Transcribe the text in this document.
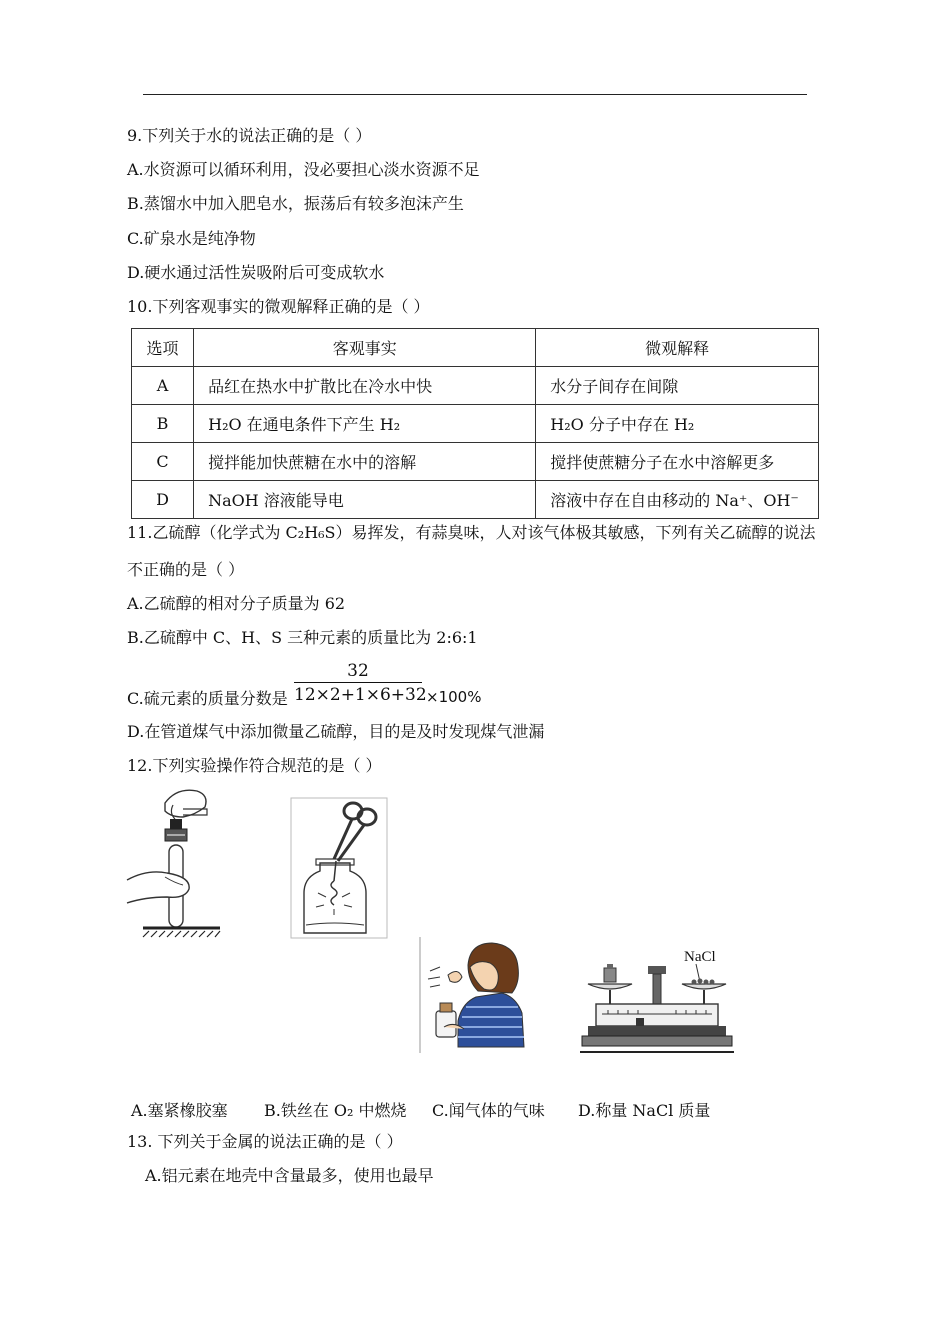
9.下列关于水的说法正确的是（ ）
A.水资源可以循环利用，没必要担心淡水资源不足
B.蒸馏水中加入肥皂水，振荡后有较多泡沫产生
C.矿泉水是纯净物
D.硬水通过活性炭吸附后可变成软水
10.下列客观事实的微观解释正确的是（ ）
选项	客观事实	微观解释
A	品红在热水中扩散比在冷水中快	水分子间存在间隙
B	H₂O 在通电条件下产生 H₂	H₂O 分子中存在 H₂
C	搅拌能加快蔗糖在水中的溶解	搅拌使蔗糖分子在水中溶解更多
D	NaOH 溶液能导电	溶液中存在自由移动的 Na⁺、OH⁻
11.乙硫醇（化学式为 C₂H₆S）易挥发，有蒜臭味，人对该气体极其敏感，下列有关乙硫醇的说法
不正确的是（ ）
A.乙硫醇的相对分子质量为 62
B.乙硫醇中 C、H、S 三种元素的质量比为 2:6:1
C.硫元素的质量分数是 $\frac{32}{12\times 2+1\times 6+32} \times 100\%$
D.在管道煤气中添加微量乙硫醇，目的是及时发现煤气泄漏
12.下列实验操作符合规范的是（ ）
NaCl
A.塞紧橡胶塞 B.铁丝在 O₂ 中燃烧 C.闻气体的气味 D.称量 NaCl 质量
13. 下列关于金属的说法正确的是（ ）
A.铝元素在地壳中含量最多，使用也最早
